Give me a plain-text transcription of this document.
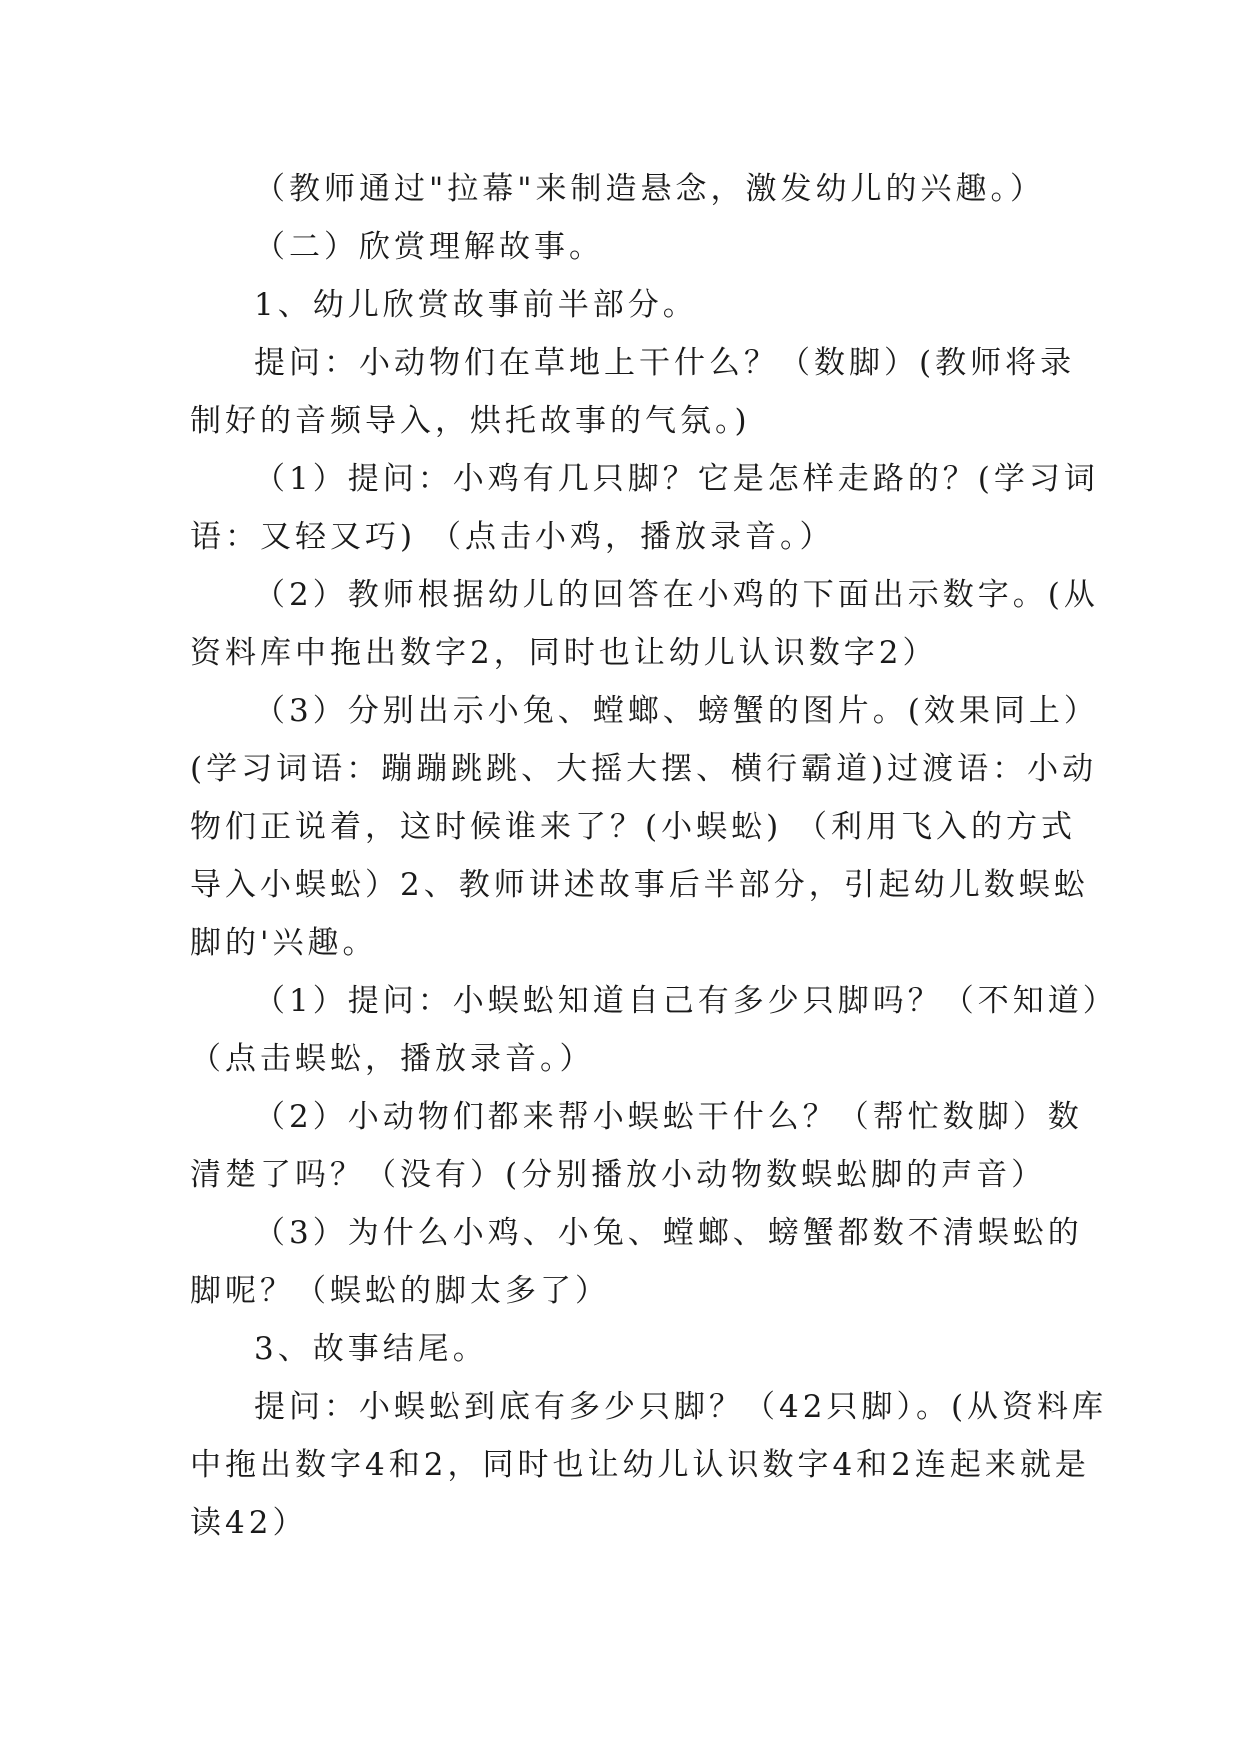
（教师通过"拉幕"来制造悬念，激发幼儿的兴趣。）

（二）欣赏理解故事。

1、幼儿欣赏故事前半部分。

提问：小动物们在草地上干什么？（数脚）(教师将录制好的音频导入，烘托故事的气氛。)

（1）提问：小鸡有几只脚？它是怎样走路的？(学习词语：又轻又巧) （点击小鸡，播放录音。）

（2）教师根据幼儿的回答在小鸡的下面出示数字。(从资料库中拖出数字2，同时也让幼儿认识数字2）

（3）分别出示小兔、螳螂、螃蟹的图片。(效果同上）(学习词语：蹦蹦跳跳、大摇大摆、横行霸道)过渡语：小动物们正说着，这时候谁来了？(小蜈蚣) （利用飞入的方式导入小蜈蚣）2、教师讲述故事后半部分，引起幼儿数蜈蚣脚的'兴趣。

（1）提问：小蜈蚣知道自己有多少只脚吗？（不知道）（点击蜈蚣，播放录音。）

（2）小动物们都来帮小蜈蚣干什么？（帮忙数脚）数清楚了吗？（没有）(分别播放小动物数蜈蚣脚的声音）

（3）为什么小鸡、小兔、螳螂、螃蟹都数不清蜈蚣的脚呢？（蜈蚣的脚太多了）

3、故事结尾。

提问：小蜈蚣到底有多少只脚？（42只脚）。(从资料库中拖出数字4和2，同时也让幼儿认识数字4和2连起来就是读42）
